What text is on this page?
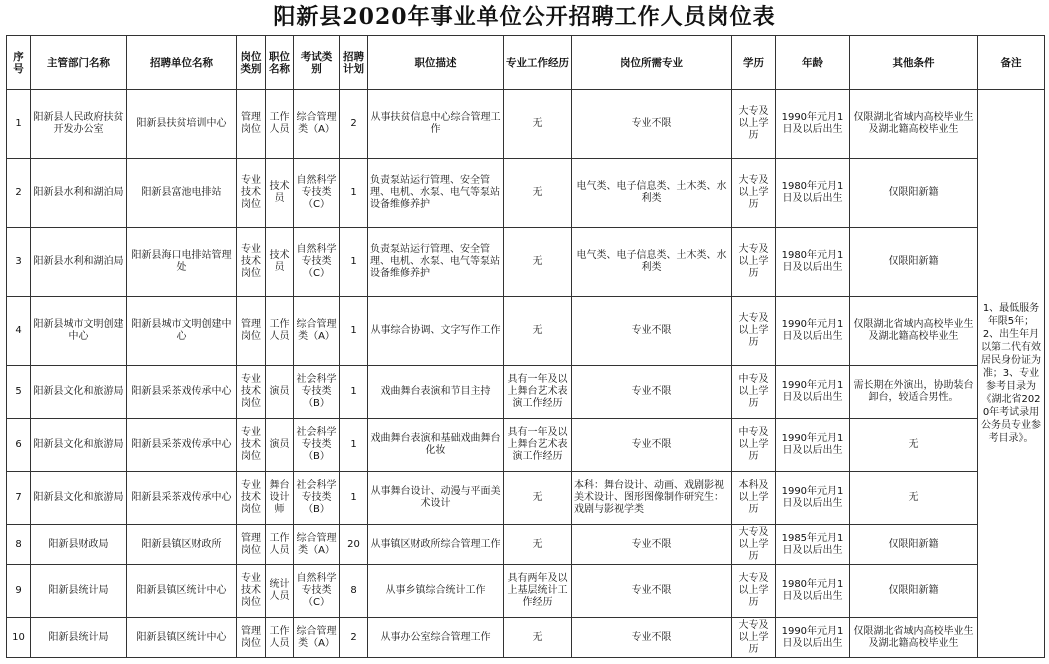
阳新县2020年事业单位公开招聘工作人员岗位表
序号	主管部门名称	招聘单位名称	岗位类别	职位名称	考试类别	招聘计划	职位描述	专业工作经历	岗位所需专业	学历	年龄	其他条件	备注
1	阳新县人民政府扶贫开发办公室	阳新县扶贫培训中心	管理岗位	工作人员	综合管理类（A）	2	从事扶贫信息中心综合管理工作	无	专业不限	大专及以上学历	1990年元月1日及以后出生	仅限湖北省域内高校毕业生及湖北籍高校毕业生	1、最低服务年限5年；2、出生年月以第二代有效居民身份证为准；3、专业参考目录为《湖北省2020年考试录用公务员专业参考目录》。
2	阳新县水利和湖泊局	阳新县富池电排站	专业技术岗位	技术员	自然科学专技类（C）	1	负责泵站运行管理、安全管理、电机、水泵、电气等泵站设备维修养护	无	电气类、电子信息类、土木类、水利类	大专及以上学历	1980年元月1日及以后出生	仅限阳新籍	
3	阳新县水利和湖泊局	阳新县海口电排站管理处	专业技术岗位	技术员	自然科学专技类（C）	1	负责泵站运行管理、安全管理、电机、水泵、电气等泵站设备维修养护	无	电气类、电子信息类、土木类、水利类	大专及以上学历	1980年元月1日及以后出生	仅限阳新籍	
4	阳新县城市文明创建中心	阳新县城市文明创建中心	管理岗位	工作人员	综合管理类（A）	1	从事综合协调、文字写作工作	无	专业不限	大专及以上学历	1990年元月1日及以后出生	仅限湖北省域内高校毕业生及湖北籍高校毕业生	
5	阳新县文化和旅游局	阳新县采茶戏传承中心	专业技术岗位	演员	社会科学专技类（B）	1	戏曲舞台表演和节目主持	具有一年及以上舞台艺术表演工作经历	专业不限	中专及以上学历	1990年元月1日及以后出生	需长期在外演出，协助装台卸台，较适合男性。	
6	阳新县文化和旅游局	阳新县采茶戏传承中心	专业技术岗位	演员	社会科学专技类（B）	1	戏曲舞台表演和基础戏曲舞台化妆	具有一年及以上舞台艺术表演工作经历	专业不限	中专及以上学历	1990年元月1日及以后出生	无	
7	阳新县文化和旅游局	阳新县采茶戏传承中心	专业技术岗位	舞台设计师	社会科学专技类（B）	1	从事舞台设计、动漫与平面美术设计	无	本科：舞台设计、动画、戏剧影视美术设计、图形图像制作研究生：戏剧与影视学类	本科及以上学历	1990年元月1日及以后出生	无	
8	阳新县财政局	阳新县镇区财政所	管理岗位	工作人员	综合管理类（A）	20	从事镇区财政所综合管理工作	无	专业不限	大专及以上学历	1985年元月1日及以后出生	仅限阳新籍	
9	阳新县统计局	阳新县镇区统计中心	专业技术岗位	统计人员	自然科学专技类（C）	8	从事乡镇综合统计工作	具有两年及以上基层统计工作经历	专业不限	大专及以上学历	1980年元月1日及以后出生	仅限阳新籍	
10	阳新县统计局	阳新县镇区统计中心	管理岗位	工作人员	综合管理类（A）	2	从事办公室综合管理工作	无	专业不限	大专及以上学历	1990年元月1日及以后出生	仅限湖北省域内高校毕业生及湖北籍高校毕业生	
